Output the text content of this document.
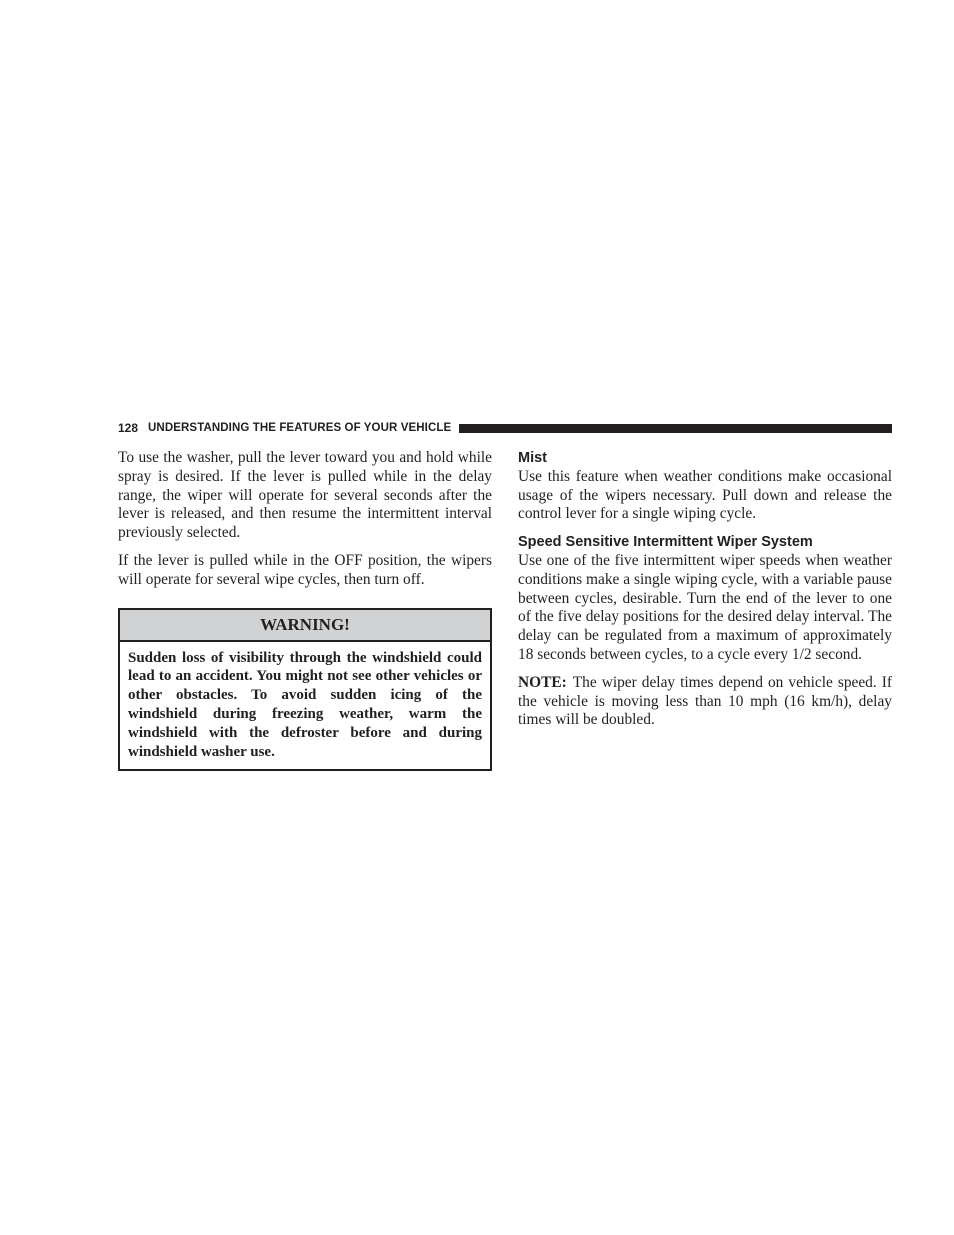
128 UNDERSTANDING THE FEATURES OF YOUR VEHICLE

To use the washer, pull the lever toward you and hold while spray is desired. If the lever is pulled while in the delay range, the wiper will operate for several seconds after the lever is released, and then resume the intermittent interval previously selected.

If the lever is pulled while in the OFF position, the wipers will operate for several wipe cycles, then turn off.

WARNING!
Sudden loss of visibility through the windshield could lead to an accident. You might not see other vehicles or other obstacles. To avoid sudden icing of the windshield during freezing weather, warm the windshield with the defroster before and during windshield washer use.
Mist

Use this feature when weather conditions make occasional usage of the wipers necessary. Pull down and release the control lever for a single wiping cycle.

Speed Sensitive Intermittent Wiper System

Use one of the five intermittent wiper speeds when weather conditions make a single wiping cycle, with a variable pause between cycles, desirable. Turn the end of the lever to one of the five delay positions for the desired delay interval. The delay can be regulated from a maximum of approximately 18 seconds between cycles, to a cycle every 1/2 second.

NOTE: The wiper delay times depend on vehicle speed. If the vehicle is moving less than 10 mph (16 km/h), delay times will be doubled.
